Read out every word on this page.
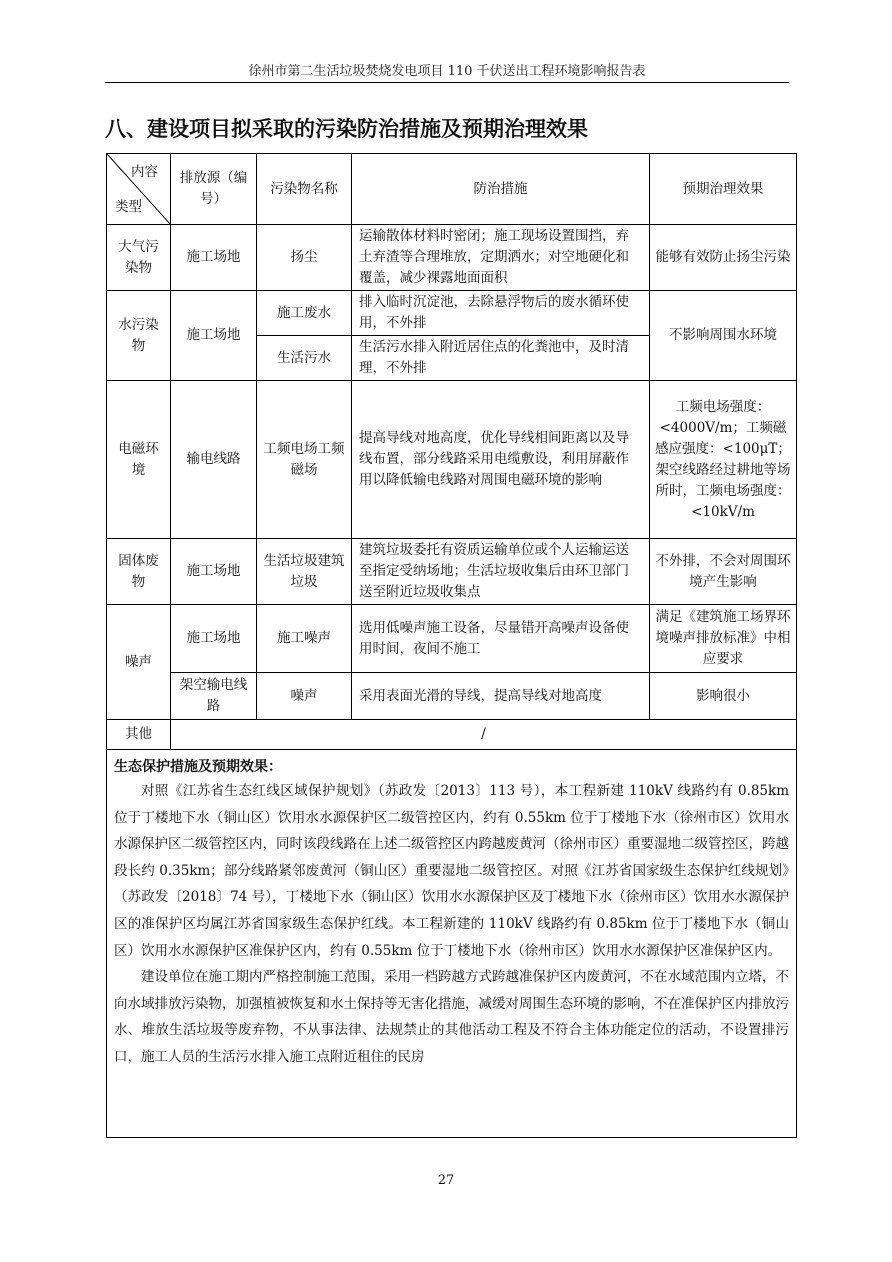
徐州市第二生活垃圾焚烧发电项目 110 千伏送出工程环境影响报告表
八、建设项目拟采取的污染防治措施及预期治理效果
内容
类型	排放源（编号）	污染物名称	防治措施	预期治理效果
大气污染物	施工场地	扬尘	运输散体材料时密闭；施工现场设置围挡，弃土弃渣等合理堆放，定期洒水；对空地硬化和覆盖，减少裸露地面面积	能够有效防止扬尘污染
水污染物	施工场地	施工废水	排入临时沉淀池，去除悬浮物后的废水循环使用，不外排	不影响周围水环境
		生活污水	生活污水排入附近居住点的化粪池中，及时清理，不外排	
电磁环境	输电线路	工频电场工频磁场	提高导线对地高度，优化导线相间距离以及导线布置，部分线路采用电缆敷设，利用屏蔽作用以降低输电线路对周围电磁环境的影响	工频电场强度：<4000V/m；工频磁感应强度：<100μT；架空线路经过耕地等场所时，工频电场强度：<10kV/m
固体废物	施工场地	生活垃圾建筑垃圾	建筑垃圾委托有资质运输单位或个人运输运送至指定受纳场地；生活垃圾收集后由环卫部门送至附近垃圾收集点	不外排，不会对周围环境产生影响
噪声	施工场地	施工噪声	选用低噪声施工设备，尽量错开高噪声设备使用时间，夜间不施工	满足《建筑施工场界环境噪声排放标准》中相应要求
	架空输电线路	噪声	采用表面光滑的导线，提高导线对地高度	影响很小
其他	/			

生态保护措施及预期效果：

对照《江苏省生态红线区域保护规划》（苏政发〔2013〕113 号），本工程新建 110kV 线路约有 0.85km 位于丁楼地下水（铜山区）饮用水水源保护区二级管控区内，约有 0.55km 位于丁楼地下水（徐州市区）饮用水水源保护区二级管控区内，同时该段线路在上述二级管控区内跨越废黄河（徐州市区）重要湿地二级管控区，跨越段长约 0.35km；部分线路紧邻废黄河（铜山区）重要湿地二级管控区。对照《江苏省国家级生态保护红线规划》（苏政发〔2018〕74 号），丁楼地下水（铜山区）饮用水水源保护区及丁楼地下水（徐州市区）饮用水水源保护区的准保护区均属江苏省国家级生态保护红线。本工程新建的 110kV 线路约有 0.85km 位于丁楼地下水（铜山区）饮用水水源保护区准保护区内，约有 0.55km 位于丁楼地下水（徐州市区）饮用水水源保护区准保护区内。

建设单位在施工期内严格控制施工范围，采用一档跨越方式跨越准保护区内废黄河，不在水域范围内立塔，不向水域排放污染物，加强植被恢复和水土保持等无害化措施，减缓对周围生态环境的影响，不在准保护区内排放污水、堆放生活垃圾等废弃物，不从事法律、法规禁止的其他活动工程及不符合主体功能定位的活动，不设置排污口，施工人员的生活污水排入施工点附近租住的民房				

27
